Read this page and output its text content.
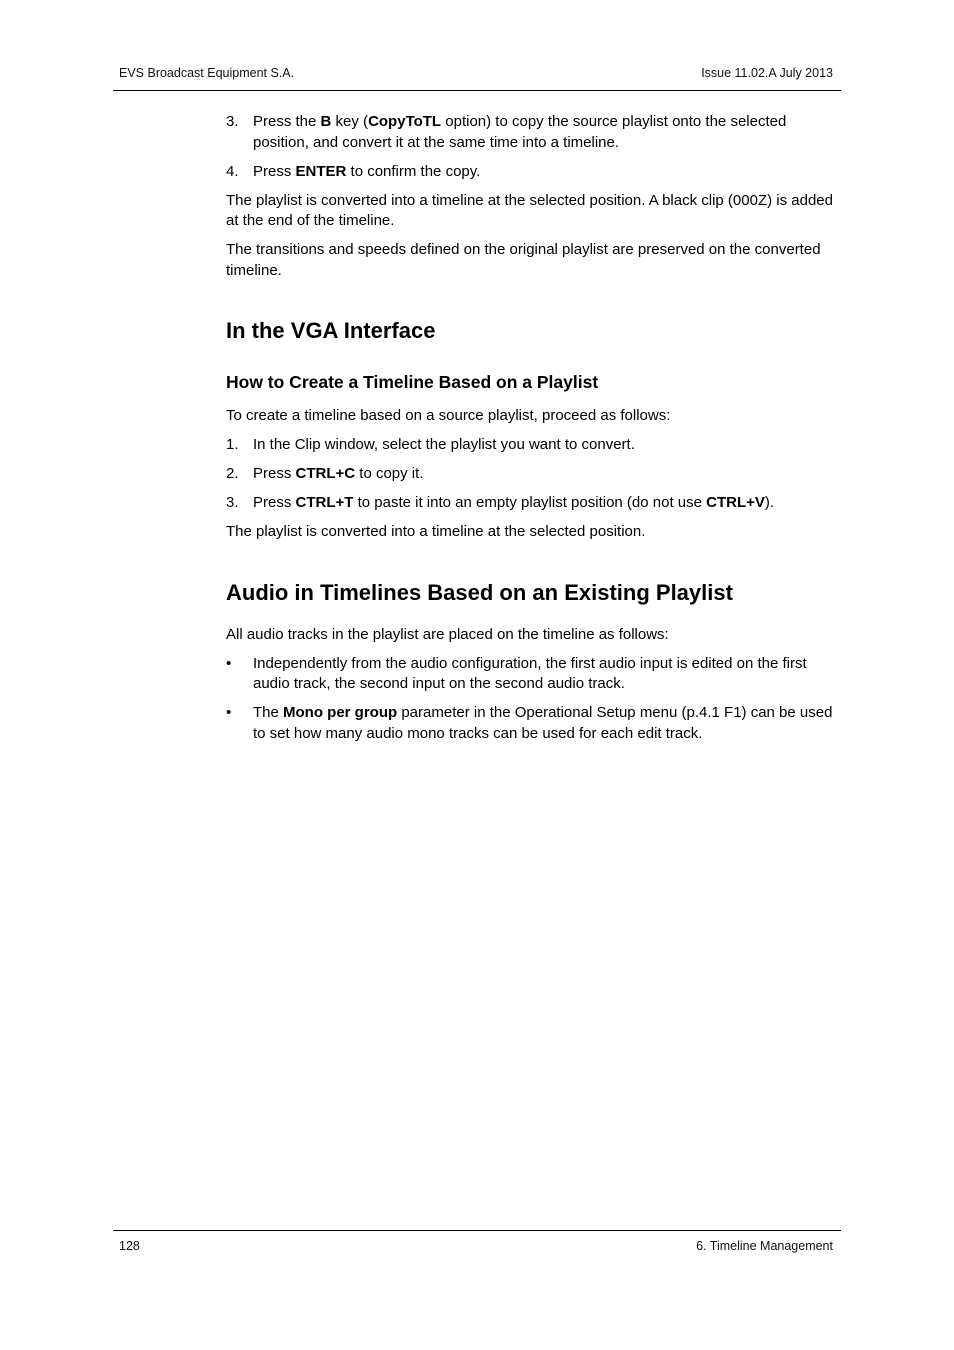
EVS Broadcast Equipment S.A.	Issue 11.02.A July 2013
3. Press the B key (CopyToTL option) to copy the source playlist onto the selected position, and convert it at the same time into a timeline.
4. Press ENTER to confirm the copy.

The playlist is converted into a timeline at the selected position. A black clip (000Z) is added at the end of the timeline.

The transitions and speeds defined on the original playlist are preserved on the converted timeline.

In the VGA Interface
How to Create a Timeline Based on a Playlist

To create a timeline based on a source playlist, proceed as follows:

1. In the Clip window, select the playlist you want to convert.
2. Press CTRL+C to copy it.
3. Press CTRL+T to paste it into an empty playlist position (do not use CTRL+V).

The playlist is converted into a timeline at the selected position.

Audio in Timelines Based on an Existing Playlist

All audio tracks in the playlist are placed on the timeline as follows:

• Independently from the audio configuration, the first audio input is edited on the first audio track, the second input on the second audio track.
• The Mono per group parameter in the Operational Setup menu (p.4.1 F1) can be used to set how many audio mono tracks can be used for each edit track.
128	6. Timeline Management
